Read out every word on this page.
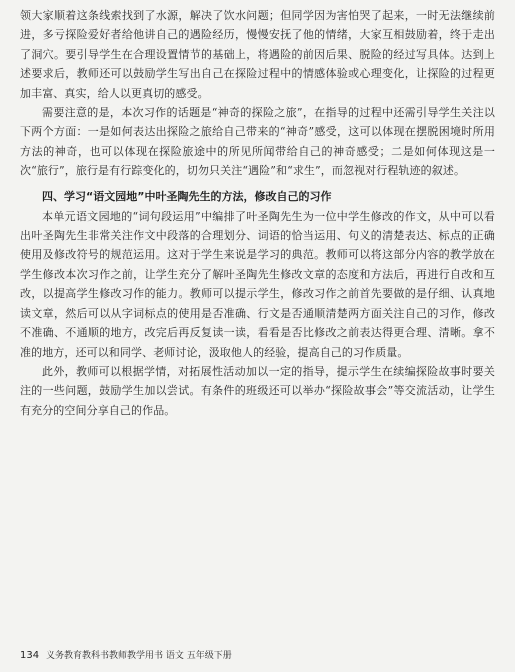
领大家顺着这条线索找到了水源，解决了饮水问题；但同学因为害怕哭了起来，一时无法继续前进，多亏探险爱好者给他讲自己的遇险经历，慢慢安抚了他的情绪，大家互相鼓励着，终于走出了洞穴。要引导学生在合理设置情节的基础上，将遇险的前因后果、脱险的经过写具体。达到上述要求后，教师还可以鼓励学生写出自己在探险过程中的情感体验或心理变化，让探险的过程更加丰富、真实，给人以更真切的感受。

需要注意的是，本次习作的话题是“神奇的探险之旅”，在指导的过程中还需引导学生关注以下两个方面：一是如何表达出探险之旅给自己带来的“神奇”感受，这可以体现在摆脱困境时所用方法的神奇，也可以体现在探险旅途中的所见所闻带给自己的神奇感受；二是如何体现这是一次“旅行”，旅行是有行踪变化的，切勿只关注“遇险”和“求生”，而忽视对行程轨迹的叙述。

四、学习“语文园地”中叶圣陶先生的方法，修改自己的习作

本单元语文园地的“词句段运用”中编排了叶圣陶先生为一位中学生修改的作文，从中可以看出叶圣陶先生非常关注作文中段落的合理划分、词语的恰当运用、句义的清楚表达、标点的正确使用及修改符号的规范运用。这对于学生来说是学习的典范。教师可以将这部分内容的教学放在学生修改本次习作之前，让学生充分了解叶圣陶先生修改文章的态度和方法后，再进行自改和互改，以提高学生修改习作的能力。教师可以提示学生，修改习作之前首先要做的是仔细、认真地读文章，然后可以从字词标点的使用是否准确、行文是否通顺清楚两方面关注自己的习作，修改不准确、不通顺的地方，改完后再反复读一读，看看是否比修改之前表达得更合理、清晰。拿不准的地方，还可以和同学、老师讨论，汲取他人的经验，提高自己的习作质量。

此外，教师可以根据学情，对拓展性活动加以一定的指导，提示学生在续编探险故事时要关注的一些问题，鼓励学生加以尝试。有条件的班级还可以举办“探险故事会”等交流活动，让学生有充分的空间分享自己的作品。

134 义务教育教科书教师教学用书 语文 五年级下册
